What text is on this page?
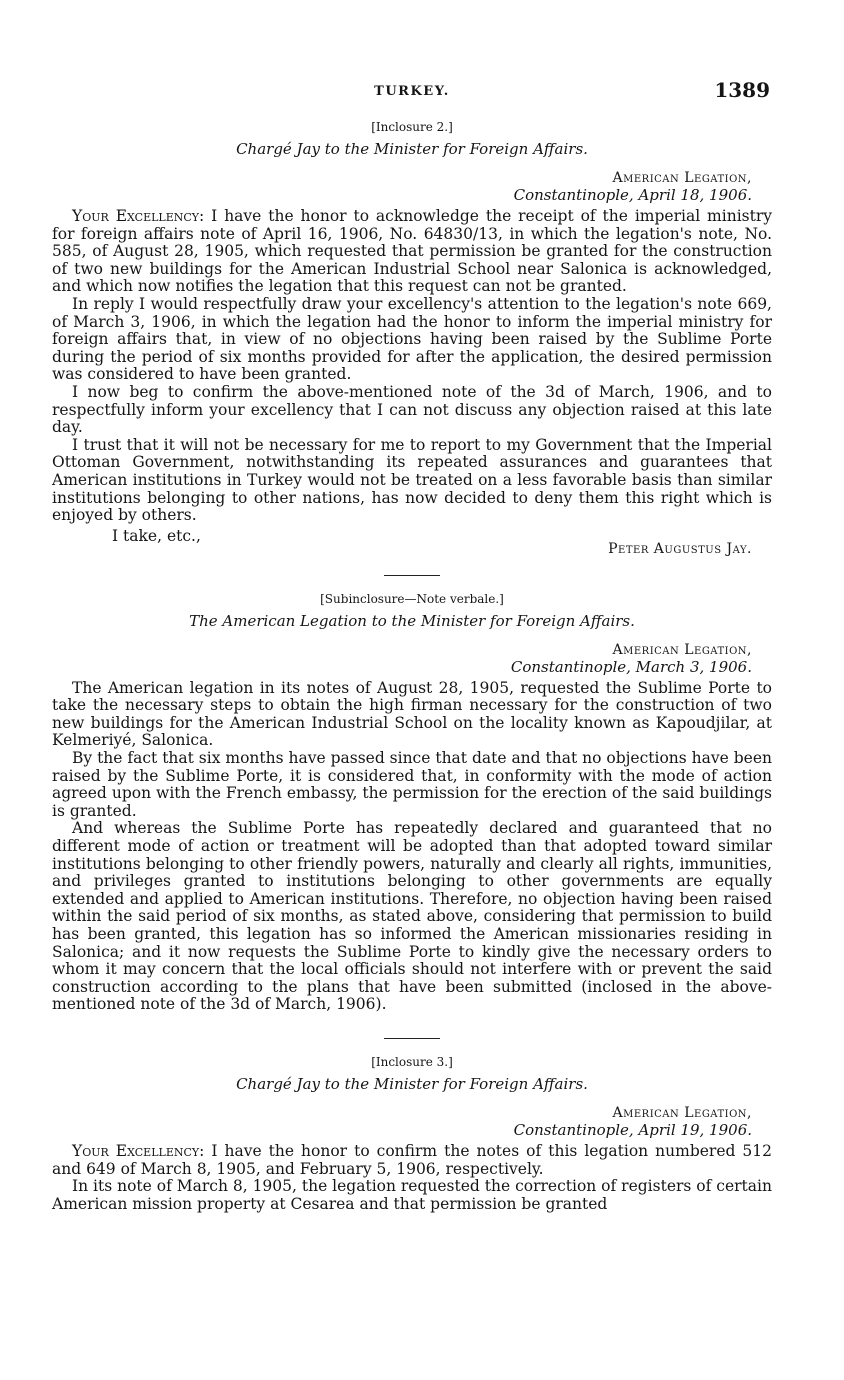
TURKEY.	1389
[Inclosure 2.]
Chargé Jay to the Minister for Foreign Affairs.
American Legation,
Constantinople, April 18, 1906.

Your Excellency: I have the honor to acknowledge the receipt of the imperial ministry for foreign affairs note of April 16, 1906, No. 64830/13, in which the legation's note, No. 585, of August 28, 1905, which requested that permission be granted for the construction of two new buildings for the American Industrial School near Salonica is acknowledged, and which now notifies the legation that this request can not be granted.

In reply I would respectfully draw your excellency's attention to the legation's note 669, of March 3, 1906, in which the legation had the honor to inform the imperial ministry for foreign affairs that, in view of no objections having been raised by the Sublime Porte during the period of six months provided for after the application, the desired permission was considered to have been granted.

I now beg to confirm the above-mentioned note of the 3d of March, 1906, and to respectfully inform your excellency that I can not discuss any objection raised at this late day.

I trust that it will not be necessary for me to report to my Government that the Imperial Ottoman Government, notwithstanding its repeated assurances and guarantees that American institutions in Turkey would not be treated on a less favorable basis than similar institutions belonging to other nations, has now decided to deny them this right which is enjoyed by others.

I take, etc.,
Peter Augustus Jay.
[Subinclosure—Note verbale.]
The American Legation to the Minister for Foreign Affairs.
American Legation,
Constantinople, March 3, 1906.

The American legation in its notes of August 28, 1905, requested the Sublime Porte to take the necessary steps to obtain the high firman necessary for the construction of two new buildings for the American Industrial School on the locality known as Kapoudjilar, at Kelmeriyé, Salonica.

By the fact that six months have passed since that date and that no objections have been raised by the Sublime Porte, it is considered that, in conformity with the mode of action agreed upon with the French embassy, the permission for the erection of the said buildings is granted.

And whereas the Sublime Porte has repeatedly declared and guaranteed that no different mode of action or treatment will be adopted than that adopted toward similar institutions belonging to other friendly powers, naturally and clearly all rights, immunities, and privileges granted to institutions belonging to other governments are equally extended and applied to American institutions. Therefore, no objection having been raised within the said period of six months, as stated above, considering that permission to build has been granted, this legation has so informed the American missionaries residing in Salonica; and it now requests the Sublime Porte to kindly give the necessary orders to whom it may concern that the local officials should not interfere with or prevent the said construction according to the plans that have been submitted (inclosed in the above-mentioned note of the 3d of March, 1906).

[Inclosure 3.]
Chargé Jay to the Minister for Foreign Affairs.
American Legation,
Constantinople, April 19, 1906.

Your Excellency: I have the honor to confirm the notes of this legation numbered 512 and 649 of March 8, 1905, and February 5, 1906, respectively.

In its note of March 8, 1905, the legation requested the correction of registers of certain American mission property at Cesarea and that permission be granted
